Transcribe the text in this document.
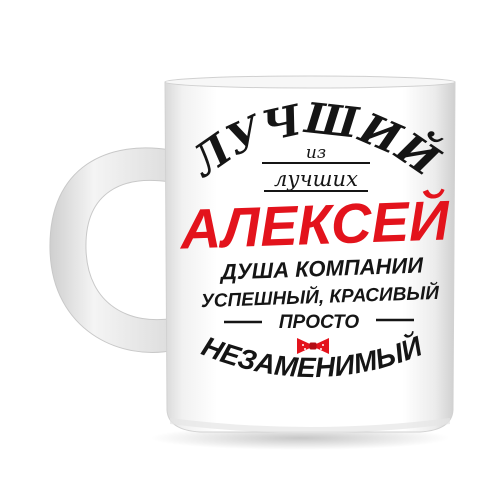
ЛУЧШИЙ
из
лучших
АЛЕКСЕЙ
ДУША КОМПАНИИ
УСПЕШНЫЙ, КРАСИВЫЙ
ПРОСТО
НЕЗАМЕНИМЫЙ
